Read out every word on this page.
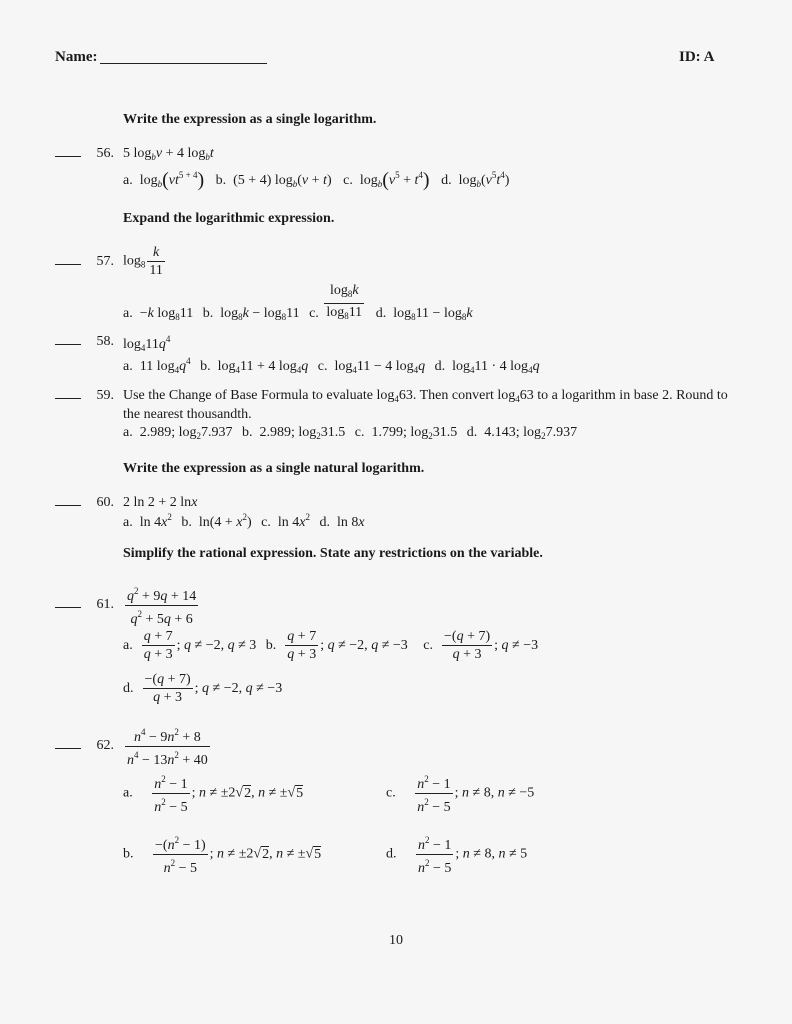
Name:	ID: A
Write the expression as a single logarithm.
56. 5 $\log_bv + 4$ $\log_bt$
a.  $\log_b(vt^{5 + 4})$ b.  (5 + 4) $\log_b(v + t)$ c.  $\log_b(v^5 + t^4)$ d.  $\log_b(v^5t^4)$
Expand the logarithmic expression.
57. $\log_8 \frac{k}{11}$
a.  −k $\log_811$ b.  $\log_8k - \log_811$ c. $\frac{\log_8k}{\log_811} d$.  $\log_811 - \log_8k$
58. $\log_411q^4$
a.  11 $\log_4q^4$ b.  $\log_411 + 4$ $\log_4q$ c.  $\log_411 - 4$ $\log_4q$ d.  $\log_411 \cdot 4$ $\log_4q$
59. Use the Change of Base Formula to evaluate $\log_463$. Then convert $\log_463$ to a logarithm in base 2. Round to
the nearest thousandth.
a.  2.989; $\log_27.937$ b.  2.989; $\log_231.5$ c.  1.799; $\log_231.5$ d.  4.143; $\log_27.937$
Write the expression as a single natural logarithm.
60. 2 ln 2 + 2 lnx
a.  $\ln 4x^2$ b.  $\ln(4 + x^2)$ c.  $\ln 4x^2$ d.  ln 8x
Simplify the rational expression. State any restrictions on the variable.
61. $\frac{q^2 + 9q + 14}{q^2 + 5q + 6}$
a. $\frac{q + 7}{q + 3}$ ; q ≠ −2, q ≠ 3 b. $\frac{q + 7}{q + 3}$ ; q ≠ −2, q ≠ −3 c. $\frac{-(q + 7)}{q + 3}$ ; q ≠ −3
d. $\frac{-(q + 7)}{q + 3}$ ; q ≠ −2, q ≠ −3
62. $\frac{n^4 - 9n^2 + 8}{n^4 - 13n^2 + 40}$
a. $\frac{n^2 - 1}{n^2 - 5}$ ; n ≠ ±2√2, n ≠ ±√5	c. $\frac{n^2 - 1}{n^2 - 5}$ ; n ≠ 8, n ≠ −5
b. $\frac{-(n^2 - 1)}{n^2 - 5}$ ; n ≠ ±2√2, n ≠ ±√5	d. $\frac{n^2 - 1}{n^2 - 5}$ ; n ≠ 8, n ≠ 5
10
